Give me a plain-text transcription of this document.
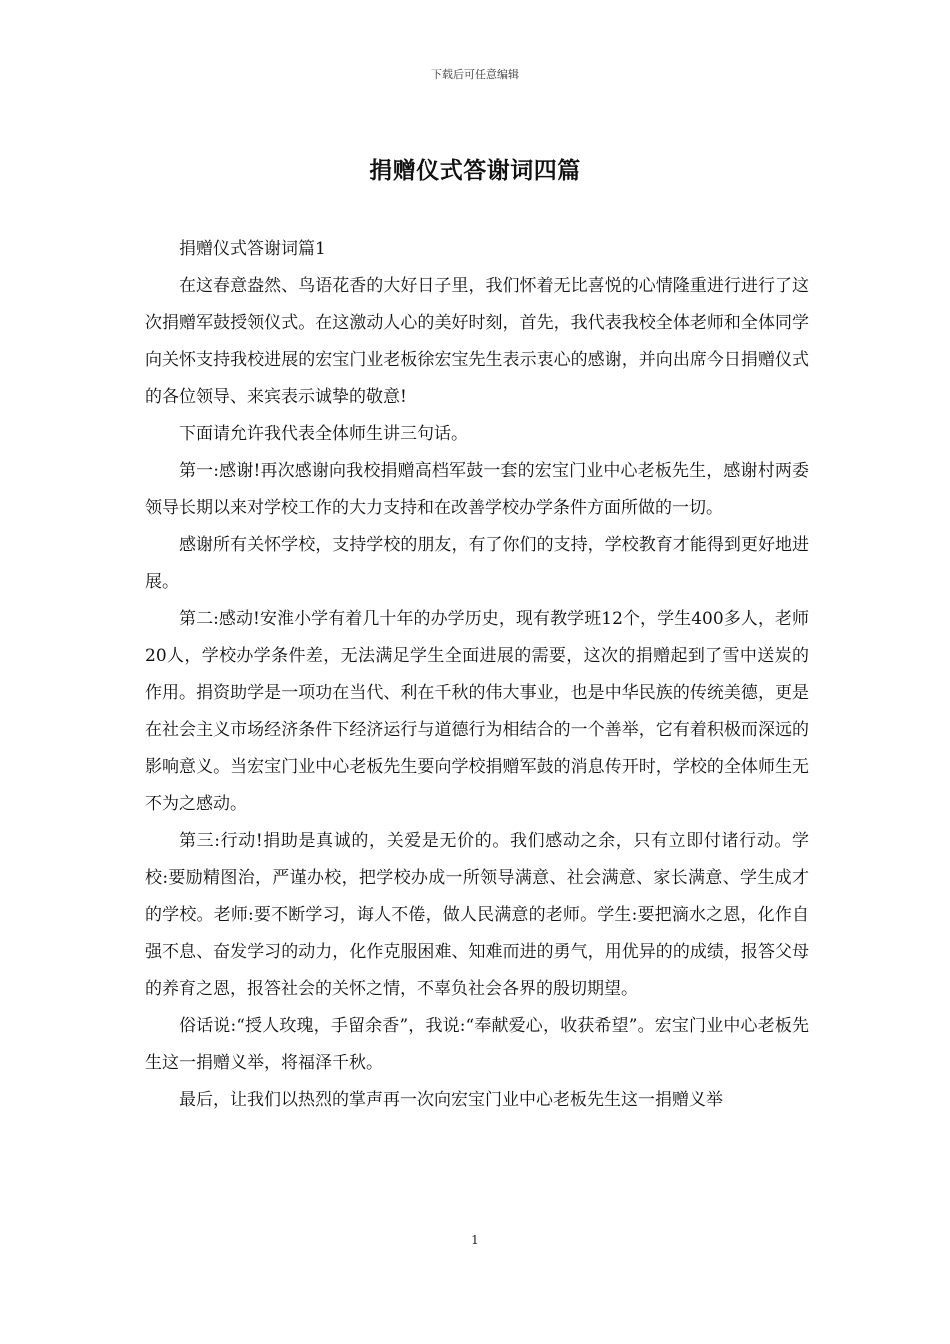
下载后可任意编辑
捐赠仪式答谢词四篇

捐赠仪式答谢词篇1

在这春意盎然、鸟语花香的大好日子里，我们怀着无比喜悦的心情隆重进行进行了这次捐赠军鼓授领仪式。在这激动人心的美好时刻，首先，我代表我校全体老师和全体同学向关怀支持我校进展的宏宝门业老板徐宏宝先生表示衷心的感谢，并向出席今日捐赠仪式的各位领导、来宾表示诚挚的敬意!

下面请允许我代表全体师生讲三句话。

第一:感谢!再次感谢向我校捐赠高档军鼓一套的宏宝门业中心老板先生，感谢村两委领导长期以来对学校工作的大力支持和在改善学校办学条件方面所做的一切。

感谢所有关怀学校，支持学校的朋友，有了你们的支持，学校教育才能得到更好地进展。

第二:感动!安淮小学有着几十年的办学历史，现有教学班12个，学生400多人，老师20人，学校办学条件差，无法满足学生全面进展的需要，这次的捐赠起到了雪中送炭的作用。捐资助学是一项功在当代、利在千秋的伟大事业，也是中华民族的传统美德，更是在社会主义市场经济条件下经济运行与道德行为相结合的一个善举，它有着积极而深远的影响意义。当宏宝门业中心老板先生要向学校捐赠军鼓的消息传开时，学校的全体师生无不为之感动。

第三:行动!捐助是真诚的，关爱是无价的。我们感动之余，只有立即付诸行动。学校:要励精图治，严谨办校，把学校办成一所领导满意、社会满意、家长满意、学生成才的学校。老师:要不断学习，诲人不倦，做人民满意的老师。学生:要把滴水之恩，化作自强不息、奋发学习的动力，化作克服困难、知难而进的勇气，用优异的的成绩，报答父母的养育之恩，报答社会的关怀之情，不辜负社会各界的殷切期望。

俗话说:“授人玫瑰，手留余香”，我说:“奉献爱心，收获希望”。宏宝门业中心老板先生这一捐赠义举，将福泽千秋。

最后，让我们以热烈的掌声再一次向宏宝门业中心老板先生这一捐赠义举

1
